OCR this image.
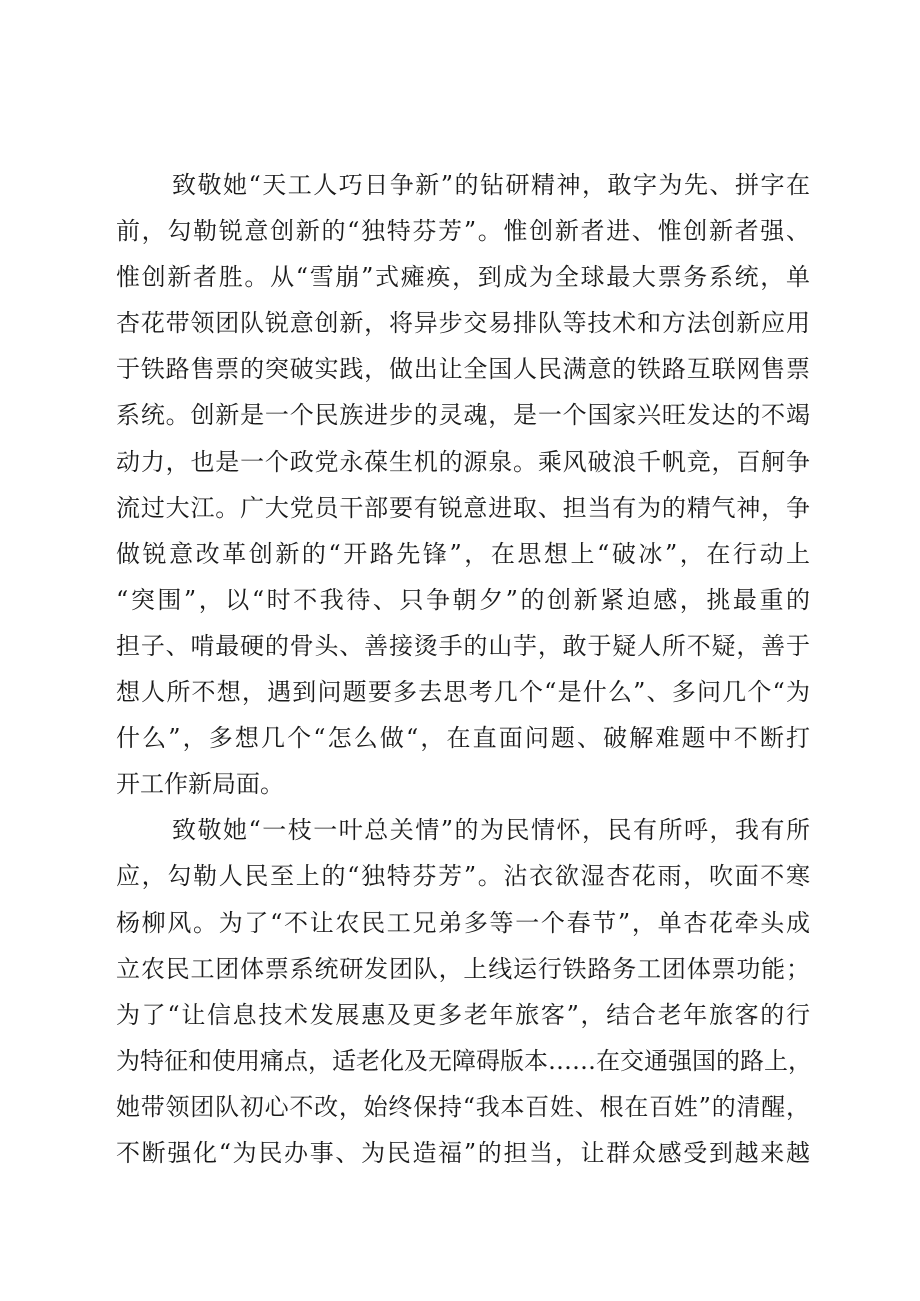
致敬她“天工人巧日争新”的钻研精神，敢字为先、拼字在
前，勾勒锐意创新的“独特芬芳”。惟创新者进、惟创新者强、
惟创新者胜。从“雪崩”式瘫痪，到成为全球最大票务系统，单
杏花带领团队锐意创新，将异步交易排队等技术和方法创新应用
于铁路售票的突破实践，做出让全国人民满意的铁路互联网售票
系统。创新是一个民族进步的灵魂，是一个国家兴旺发达的不竭
动力，也是一个政党永葆生机的源泉。乘风破浪千帆竞，百舸争
流过大江。广大党员干部要有锐意进取、担当有为的精气神，争
做锐意改革创新的“开路先锋”，在思想上“破冰”，在行动上
“突围”，以“时不我待、只争朝夕”的创新紧迫感，挑最重的
担子、啃最硬的骨头、善接烫手的山芋，敢于疑人所不疑，善于
想人所不想，遇到问题要多去思考几个“是什么”、多问几个“为
什么”，多想几个“怎么做“，在直面问题、破解难题中不断打
开工作新局面。
致敬她“一枝一叶总关情”的为民情怀，民有所呼，我有所
应，勾勒人民至上的“独特芬芳”。沾衣欲湿杏花雨，吹面不寒
杨柳风。为了“不让农民工兄弟多等一个春节”，单杏花牵头成
立农民工团体票系统研发团队，上线运行铁路务工团体票功能；
为了“让信息技术发展惠及更多老年旅客”，结合老年旅客的行
为特征和使用痛点，适老化及无障碍版本……在交通强国的路上，
她带领团队初心不改，始终保持“我本百姓、根在百姓”的清醒，
不断强化“为民办事、为民造福”的担当，让群众感受到越来越
